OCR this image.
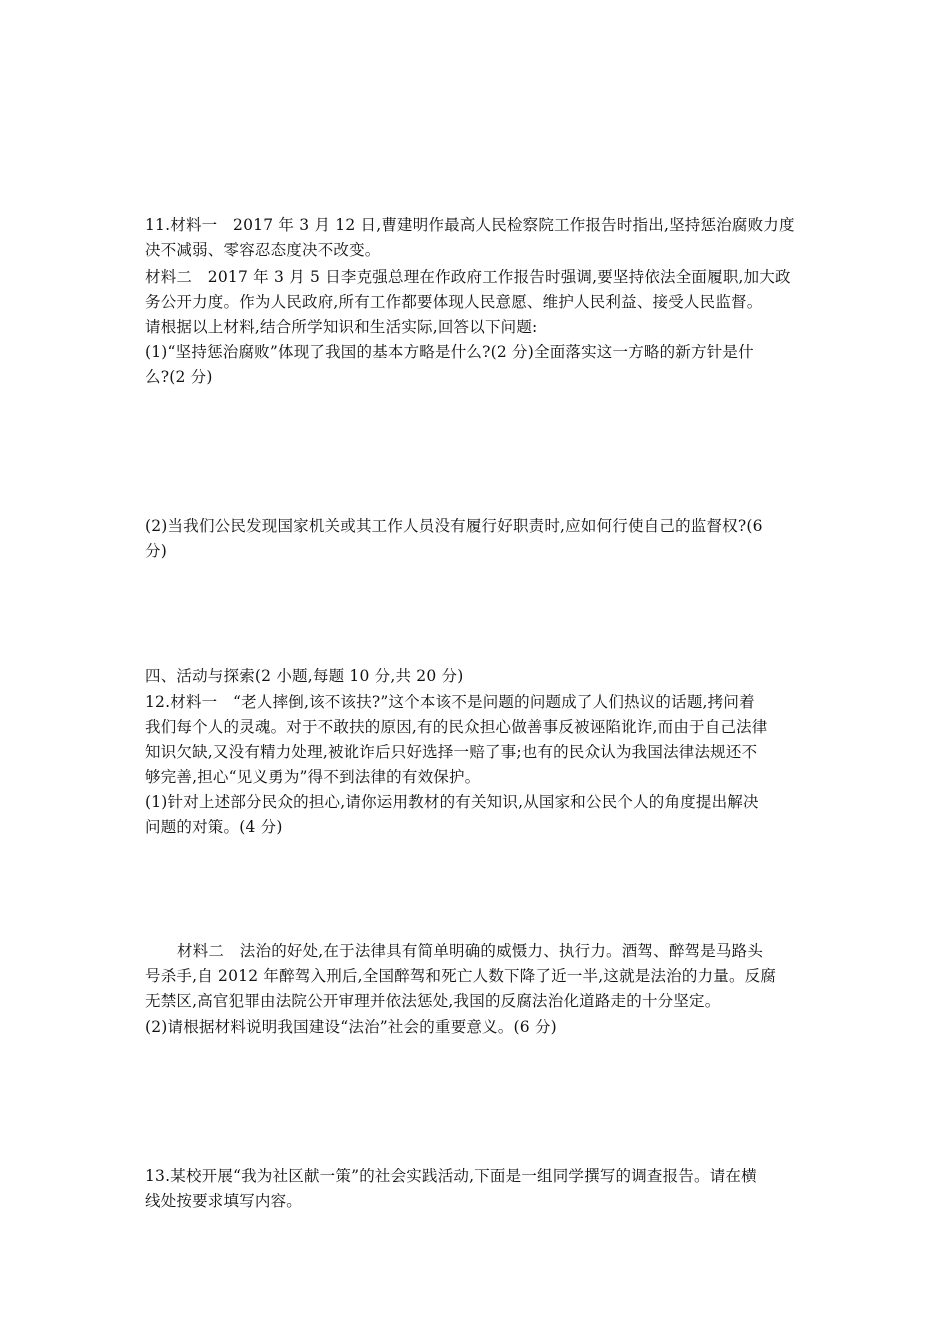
11.材料一　2017 年 3 月 12 日,曹建明作最高人民检察院工作报告时指出,坚持惩治腐败力度
决不减弱、零容忍态度决不改变。
材料二　2017 年 3 月 5 日李克强总理在作政府工作报告时强调,要坚持依法全面履职,加大政
务公开力度。作为人民政府,所有工作都要体现人民意愿、维护人民利益、接受人民监督。
请根据以上材料,结合所学知识和生活实际,回答以下问题:
(1)“坚持惩治腐败”体现了我国的基本方略是什么?(2 分)全面落实这一方略的新方针是什
么?(2 分)
(2)当我们公民发现国家机关或其工作人员没有履行好职责时,应如何行使自己的监督权?(6
分)
四、活动与探索(2 小题,每题 10 分,共 20 分)
12.材料一　“老人摔倒,该不该扶?”这个本该不是问题的问题成了人们热议的话题,拷问着
我们每个人的灵魂。对于不敢扶的原因,有的民众担心做善事反被诬陷讹诈,而由于自己法律
知识欠缺,又没有精力处理,被讹诈后只好选择一赔了事;也有的民众认为我国法律法规还不
够完善,担心“见义勇为”得不到法律的有效保护。
(1)针对上述部分民众的担心,请你运用教材的有关知识,从国家和公民个人的角度提出解决
问题的对策。(4 分)
材料二　法治的好处,在于法律具有简单明确的威慑力、执行力。酒驾、醉驾是马路头
号杀手,自 2012 年醉驾入刑后,全国醉驾和死亡人数下降了近一半,这就是法治的力量。反腐
无禁区,高官犯罪由法院公开审理并依法惩处,我国的反腐法治化道路走的十分坚定。
(2)请根据材料说明我国建设“法治”社会的重要意义。(6 分)
13.某校开展“我为社区献一策”的社会实践活动,下面是一组同学撰写的调查报告。请在横
线处按要求填写内容。
